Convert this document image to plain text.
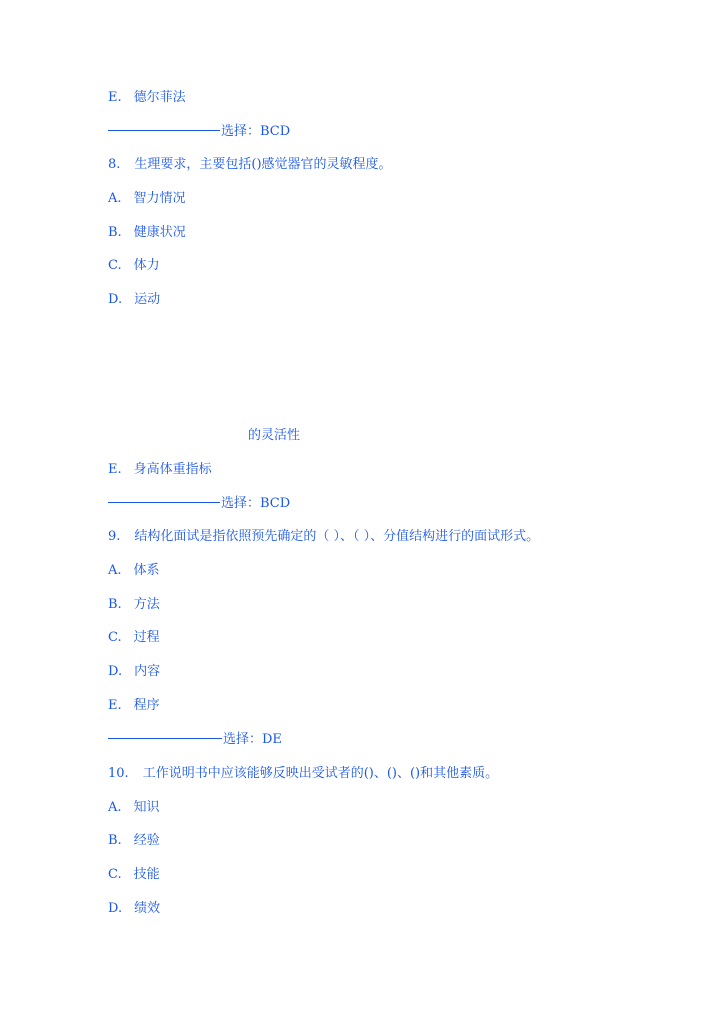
E. 德尔菲法
选择：BCD
8. 生理要求，主要包括()感觉器官的灵敏程度。
A. 智力情况
B. 健康状况
C. 体力
D. 运动
的灵活性
E. 身高体重指标
选择：BCD
9. 结构化面试是指依照预先确定的（ ）、（ ）、分值结构进行的面试形式。
A. 体系
B. 方法
C. 过程
D. 内容
E. 程序
选择：DE
10. 工作说明书中应该能够反映出受试者的()、()、()和其他素质。
A. 知识
B. 经验
C. 技能
D. 绩效
